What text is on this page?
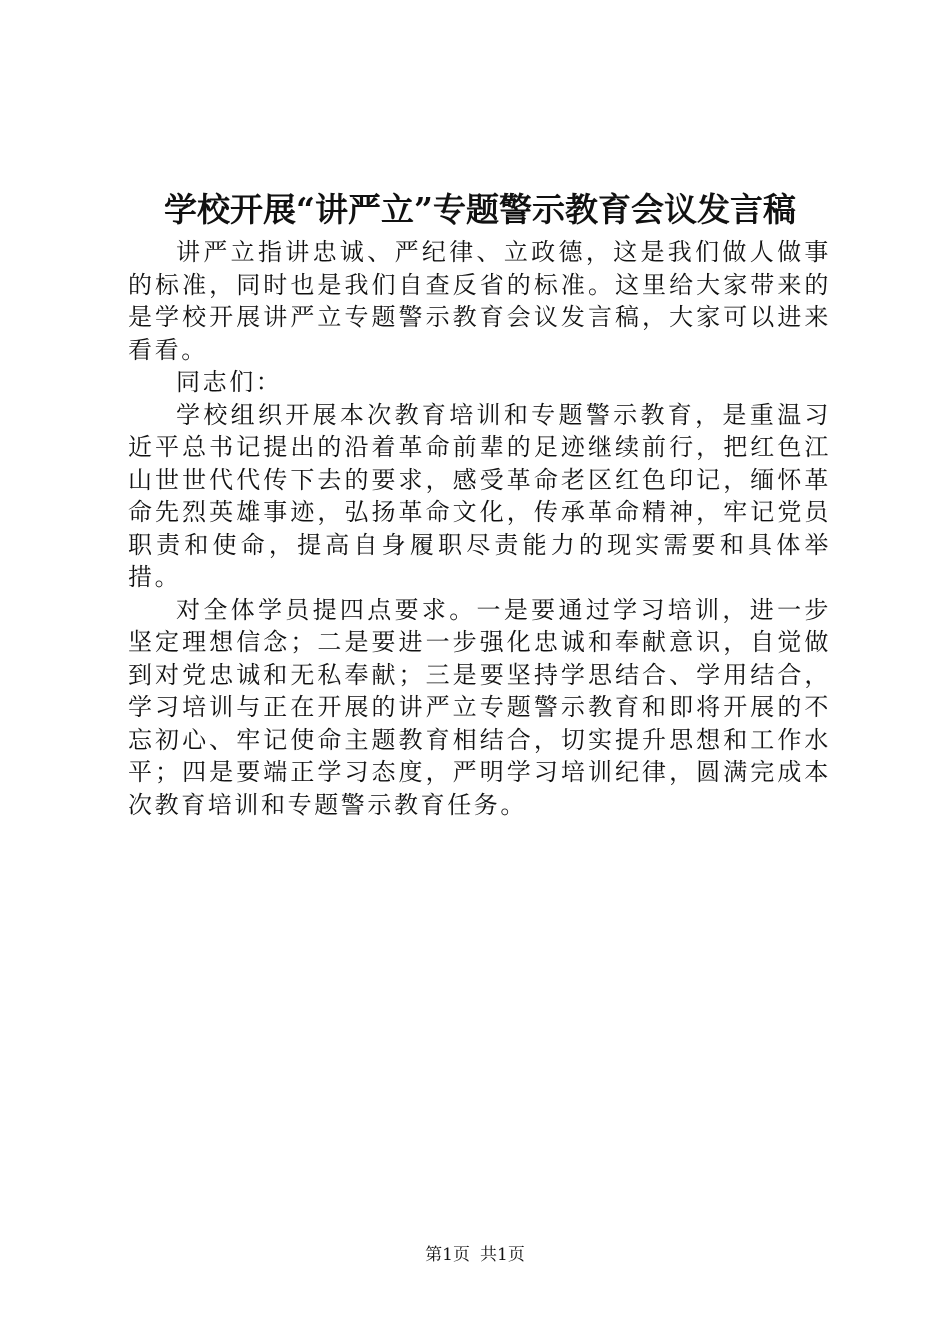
学校开展“讲严立”专题警示教育会议发言稿

讲严立指讲忠诚、严纪律、立政德，这是我们做人做事的标准，同时也是我们自查反省的标准。这里给大家带来的是学校开展讲严立专题警示教育会议发言稿，大家可以进来看看。

同志们：

学校组织开展本次教育培训和专题警示教育，是重温习近平总书记提出的沿着革命前辈的足迹继续前行，把红色江山世世代代传下去的要求，感受革命老区红色印记，缅怀革命先烈英雄事迹，弘扬革命文化，传承革命精神，牢记党员职责和使命，提高自身履职尽责能力的现实需要和具体举措。

对全体学员提四点要求。一是要通过学习培训，进一步坚定理想信念；二是要进一步强化忠诚和奉献意识，自觉做到对党忠诚和无私奉献；三是要坚持学思结合、学用结合，学习培训与正在开展的讲严立专题警示教育和即将开展的不忘初心、牢记使命主题教育相结合，切实提升思想和工作水平；四是要端正学习态度，严明学习培训纪律，圆满完成本次教育培训和专题警示教育任务。

第1页 共1页
